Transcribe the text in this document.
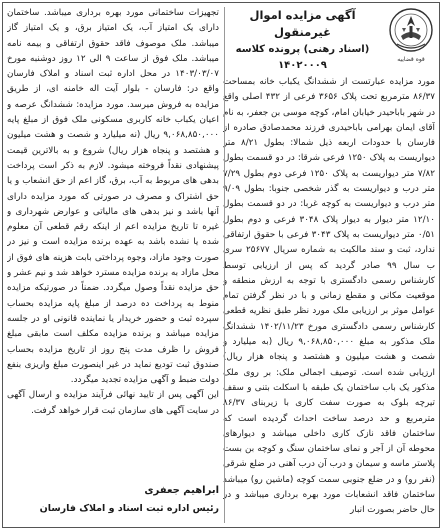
قوه قضاییه
آگهی مزایده اموال غیرمنقول
(اسناد رهنی) پرونده کلاسه ۱۴۰۲۰۰۰۹
مورد مزایده عبارتست از ششدانگ یکباب خانه بمساحت ۸۶/۳۷ مترمربع تحت پلاک ۳۶۵۶ فرعی از ۴۳۲ اصلی واقع در شهر باباحیدر خیابان امام، کوچه موسی بن جعفر، به نام آقای ایمان بهرامی باباحیدری فرزند محمدصادق صادره از فارسان با حدودات اربعه ذیل شمالا: بطول ۸/۲۱ متر دیواریست به پلاک ۱۲۵۰ فرعی شرقا: در دو قسمت بطول ۷/۸۲ متر دیواریست به پلاک ۱۲۵۰ فرعی دوم بطول ۷/۲۹ متر درب و دیواریست به گذر شخصی جنوبا: بطول ۹/۰۹ متر درب و دیواریست به کوچه غربا: در دو قسمت بطول ۱۲/۱۰ متر دیوار به دیوار پلاک ۳۰۴۸ فرعی و دوم بطول ۰/۵۱ متر دیواریست به پلاک ۳۰۴۳ فرعی با حقوق ارتفاقی ندارد، ثبت و سند مالکیت به شماره سریال ۲۵۶۷۷ سری ب سال ۹۹ صادر گردید که پس از ارزیابی توسط کارشناس رسمی دادگستری با توجه به ارزش منطقه و موقعیت مکانی و مقطع زمانی و با در نظر گرفتن تمام عوامل موثر بر ارزیابی ملک مورد نظر طبق نظریه قطعی کارشناس رسمی دادگستری مورخ ۱۴۰۲/۱۱/۲۳ ششدانگ ملک مذکور به مبلغ ۹,۰۶۸,۸۵۰,۰۰۰ ریال (به میلیارد و شصت و هشت میلیون و هشتصد و پنجاه هزار ریال) ارزیابی شده است. توصیف اجمالی ملک: بر روی ملک مذکور یک باب ساختمان یک طبقه با اسکلت بتنی و سقف تیرچه بلوک به صورت سفت کاری با زیربنای ۸۶/۳۷ مترمربع و حد درصد ساخت احداث گردیده است که ساختمان فاقد نازک کاری داخلی میباشد و دیوارهای محوطه آن از آجر و نمای ساختمان سنگ و کوچه بن بست پلاستر ماسه و سیمان و درب آن درب آهنی در ضلع شرقی (نفر رو) و در ضلع جنوبی سمت کوچه (ماشین رو) میباشد ساختمان فاقد انشعابات مورد بهره برداری میباشد و در حال حاضر بصورت انبار
تجهیزات ساختمانی مورد بهره برداری میباشد. ساختمان دارای یک امتیاز آب، یک امتیاز برق، و یک امتیاز گاز میباشد. ملک موصوف فاقد حقوق ارتفاقی و بیمه نامه میباشد. ملک فوق از ساعت ۹ الی ۱۲ روز دوشنبه مورخ ۱۴۰۳/۰۳/۰۷ در محل اداره ثبت اسناد و املاک فارسان واقع در: فارسان - بلوار آیت اله خامنه ای، از طریق مزایده به فروش میرسد. مورد مزایده: ششدانگ عرصه و اعیان یکباب خانه کاربری مسکونی ملک فوق از مبلغ پایه ۹,۰۶۸,۸۵۰,۰۰۰ ریال (نه میلیارد و شصت و هشت میلیون و هشتصد و پنجاه هزار ریال) شروع و به بالاترین قیمت پیشنهادی نقداً فروخته میشود. لازم به ذکر است پرداخت بدهی های مربوط به آب، برق، گاز اعم از حق انشعاب و یا حق اشتراک و مصرف در صورتی که مورد مزایده دارای آنها باشد و نیز بدهی های مالیاتی و عوارض شهرداری و غیره تا تاریخ مزایده اعم از اینکه رقم قطعی آن معلوم شده یا نشده باشد به عهده برنده مزایده است و نیز در صورت وجود مازاد، وجوه پرداختی بابت هزینه های فوق از محل مازاد به برنده مزایده مسترد خواهد شد و نیم عشر و حق مزایده نقداً وصول میگردد. ضمناً در صورتیکه مزایده منوط به پرداخت ده درصد از مبلغ پایه مزایده بحساب سپرده ثبت و حضور خریدار یا نماینده قانونی او در جلسه مزایده میباشد و برنده مزایده مکلف است مابقی مبلغ فروش را ظرف مدت پنج روز از تاریخ مزایده بحساب صندوق ثبت تودیع نماید در غیر اینصورت مبلغ واریزی بنفع دولت ضبط و آگهی مزایده تجدید میگردد.
این آگهی پس از تایید نهائی فرآیند مزایده و ارسال آگهی در سایت آگهی های سازمان ثبت قرار خواهد گرفت.
ابراهیم جعفری
رئیس اداره ثبت اسناد و املاک فارسان
